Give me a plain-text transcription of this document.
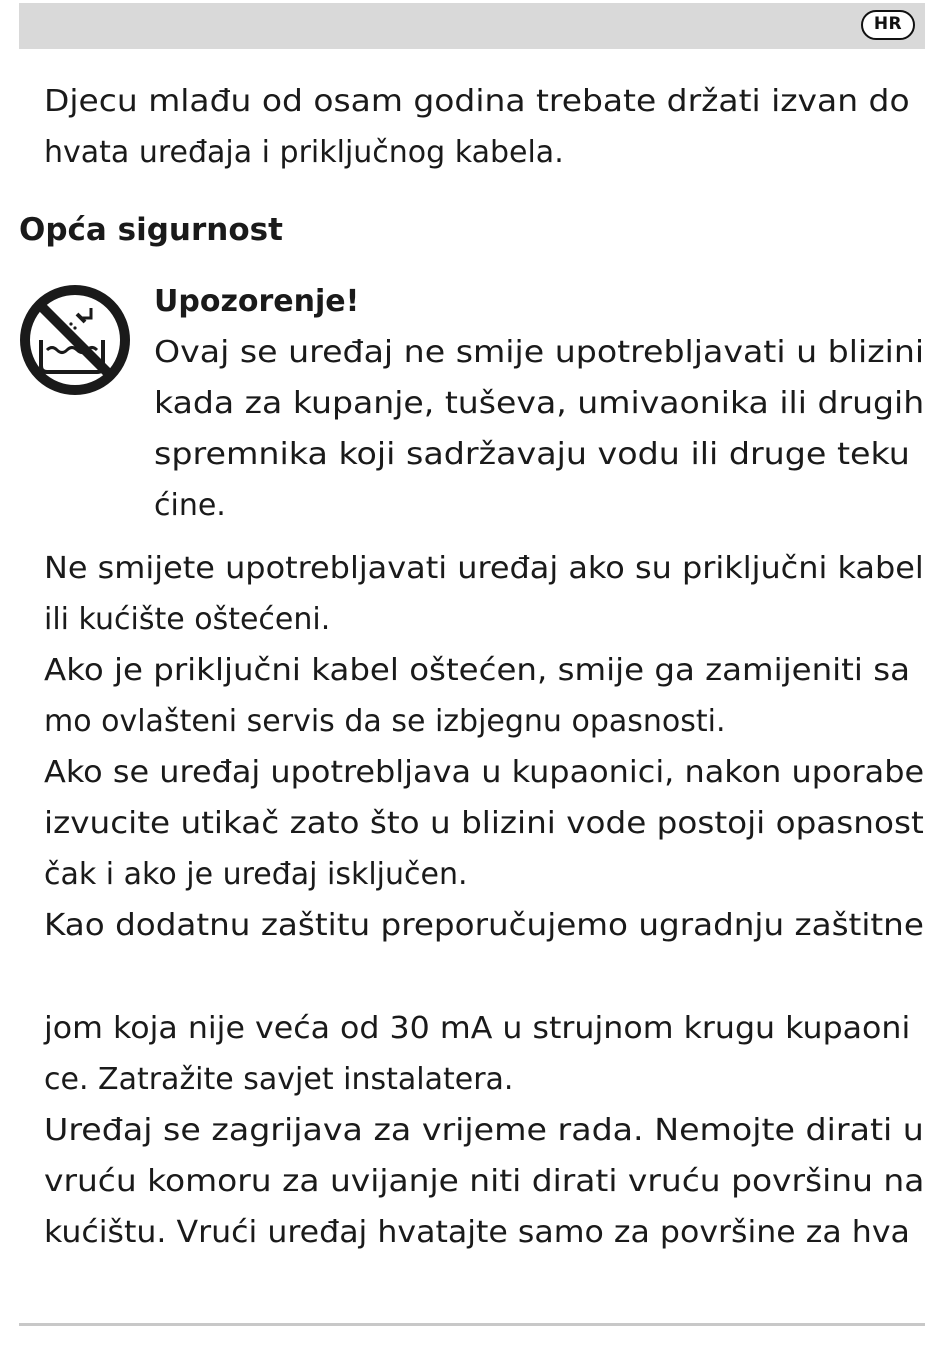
HR
Djecu mlađu od osam godina trebate držati izvan do
hvata uređaja i priključnog kabela.
Opća sigurnost
Upozorenje!
Ovaj se uređaj ne smije upotrebljavati u blizini
kada za kupanje, tuševa, umivaonika ili drugih
spremnika koji sadržavaju vodu ili druge teku
ćine.
Ne smijete upotrebljavati uređaj ako su priključni kabel
ili kućište oštećeni.
Ako je priključni kabel oštećen, smije ga zamijeniti sa
mo ovlašteni servis da se izbjegnu opasnosti.
Ako se uređaj upotrebljava u kupaonici, nakon uporabe
izvucite utikač zato što u blizini vode postoji opasnost
čak i ako je uređaj isključen.
Kao dodatnu zaštitu preporučujemo ugradnju zaštitne
jom koja nije veća od 30 mA u strujnom krugu kupaoni
ce. Zatražite savjet instalatera.
Uređaj se zagrijava za vrijeme rada. Nemojte dirati u
vruću komoru za uvijanje niti dirati vruću površinu na
kućištu. Vrući uređaj hvatajte samo za površine za hva
